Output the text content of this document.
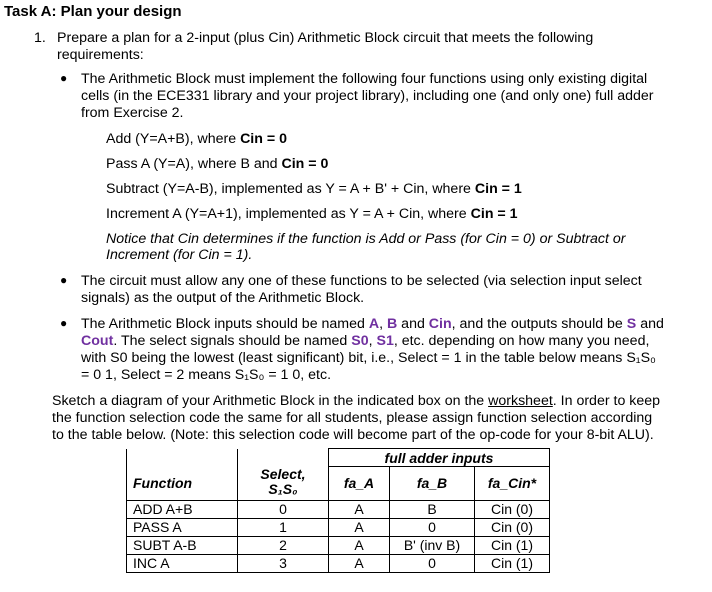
Task A: Plan your design
1. Prepare a plan for a 2-input (plus Cin) Arithmetic Block circuit that meets the following
requirements:
● The Arithmetic Block must implement the following four functions using only existing digital
cells (in the ECE331 library and your project library), including one (and only one) full adder
from Exercise 2.
Add (Y=A+B), where Cin = 0
Pass A (Y=A), where B and Cin = 0
Subtract (Y=A-B), implemented as Y = A + B' + Cin, where Cin = 1
Increment A (Y=A+1), implemented as Y = A + Cin, where Cin = 1
Notice that Cin determines if the function is Add or Pass (for Cin = 0) or Subtract or
Increment (for Cin = 1).
● The circuit must allow any one of these functions to be selected (via selection input select
signals) as the output of the Arithmetic Block.
● The Arithmetic Block inputs should be named A, B and Cin, and the outputs should be S and
Cout. The select signals should be named S0, S1, etc. depending on how many you need,
with S0 being the lowest (least significant) bit, i.e., Select = 1 in the table below means S₁S₀
= 0 1, Select = 2 means S₁S₀ = 1 0, etc.
Sketch a diagram of your Arithmetic Block in the indicated box on the worksheet. In order to keep
the function selection code the same for all students, please assign function selection according
to the table below. (Note: this selection code will become part of the op-code for your 8-bit ALU).
		full adder inputs		
Function	Select,
S₁S₀	fa_A	fa_B	fa_Cin*
ADD A+B	0	A	B	Cin (0)
PASS A	1	A	0	Cin (0)
SUBT A-B	2	A	B' (inv B)	Cin (1)
INC A	3	A	0	Cin (1)
